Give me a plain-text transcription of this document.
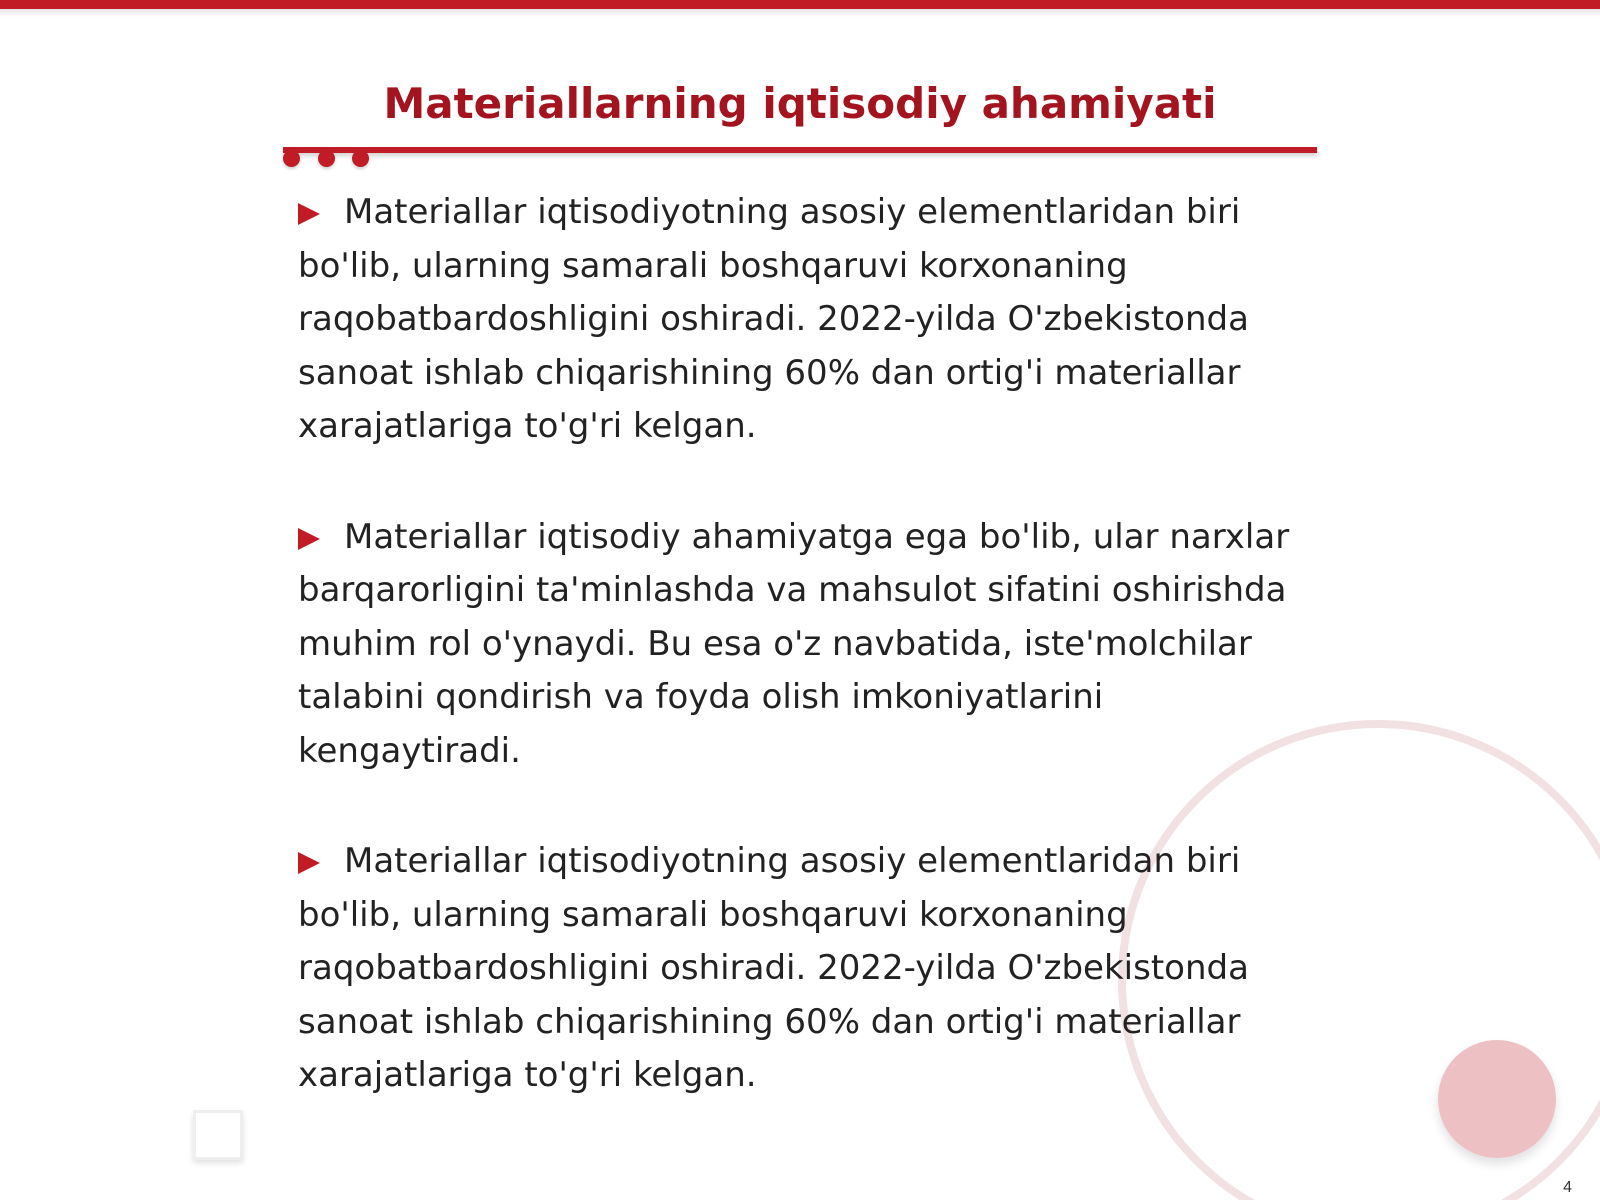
Materiallarning iqtisodiy ahamiyati
Materiallar iqtisodiyotning asosiy elementlaridan biri bo'lib, ularning samarali boshqaruvi korxonaning raqobatbardoshligini oshiradi. 2022-yilda O'zbekistonda sanoat ishlab chiqarishining 60% dan ortig'i materiallar xarajatlariga to'g'ri kelgan.
Materiallar iqtisodiy ahamiyatga ega bo'lib, ular narxlar barqarorligini ta'minlashda va mahsulot sifatini oshirishda muhim rol o'ynaydi. Bu esa o'z navbatida, iste'molchilar talabini qondirish va foyda olish imkoniyatlarini kengaytiradi.
Materiallar iqtisodiyotning asosiy elementlaridan biri bo'lib, ularning samarali boshqaruvi korxonaning raqobatbardoshligini oshiradi. 2022-yilda O'zbekistonda sanoat ishlab chiqarishining 60% dan ortig'i materiallar xarajatlariga to'g'ri kelgan.
4
